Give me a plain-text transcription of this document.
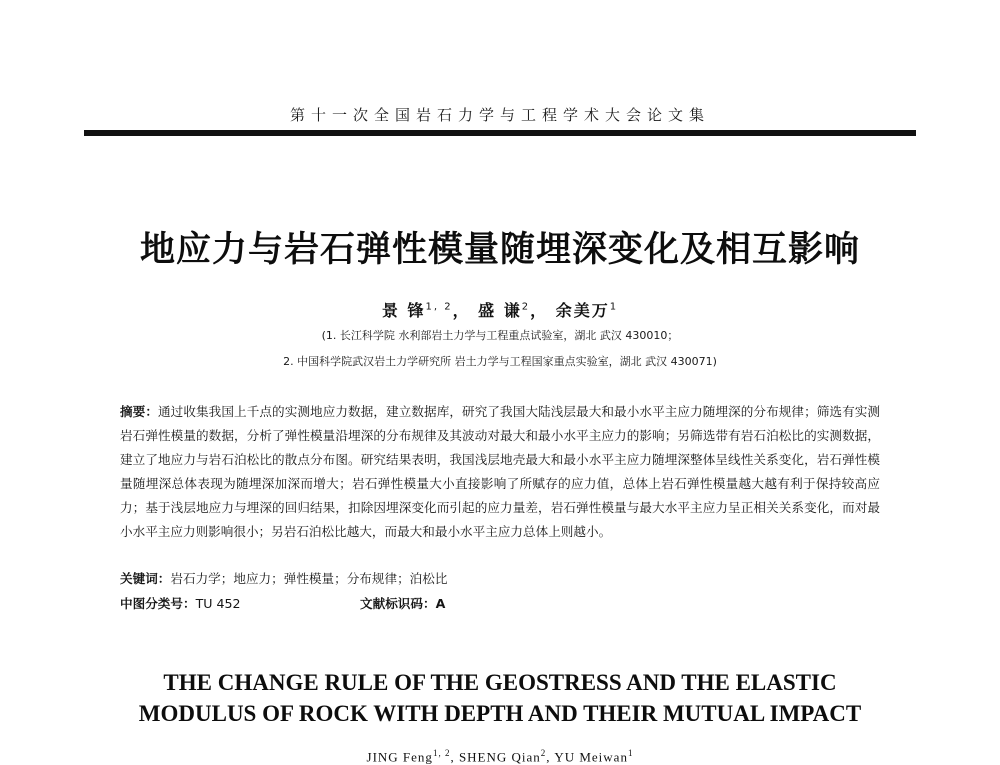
第十一次全国岩石力学与工程学术大会论文集
地应力与岩石弹性模量随埋深变化及相互影响
景 锋$^{1, 2}$， 盛 谦$^2$， 余美万$^1$
(1. 长江科学院 水利部岩土力学与工程重点试验室，湖北 武汉 430010；
2. 中国科学院武汉岩土力学研究所 岩土力学与工程国家重点实验室，湖北 武汉 430071)
摘要：通过收集我国上千点的实测地应力数据，建立数据库，研究了我国大陆浅层最大和最小水平主应力随埋深的分布规律；筛选有实测岩石弹性模量的数据，分析了弹性模量沿埋深的分布规律及其波动对最大和最小水平主应力的影响；另筛选带有岩石泊松比的实测数据，建立了地应力与岩石泊松比的散点分布图。研究结果表明，我国浅层地壳最大和最小水平主应力随埋深整体呈线性关系变化，岩石弹性模量随埋深总体表现为随埋深加深而增大；岩石弹性模量大小直接影响了所赋存的应力值，总体上岩石弹性模量越大越有利于保持较高应力；基于浅层地应力与埋深的回归结果，扣除因埋深变化而引起的应力量差，岩石弹性模量与最大水平主应力呈正相关关系变化，而对最小水平主应力则影响很小；另岩石泊松比越大，而最大和最小水平主应力总体上则越小。
关键词：岩石力学；地应力；弹性模量；分布规律；泊松比
中图分类号：TU 452	文献标识码：A
THE CHANGE RULE OF THE GEOSTRESS AND THE ELASTIC
MODULUS OF ROCK WITH DEPTH AND THEIR MUTUAL IMPACT
JING Feng$^{1, 2}$, SHENG Qian$^2$, YU Meiwan$^1$
